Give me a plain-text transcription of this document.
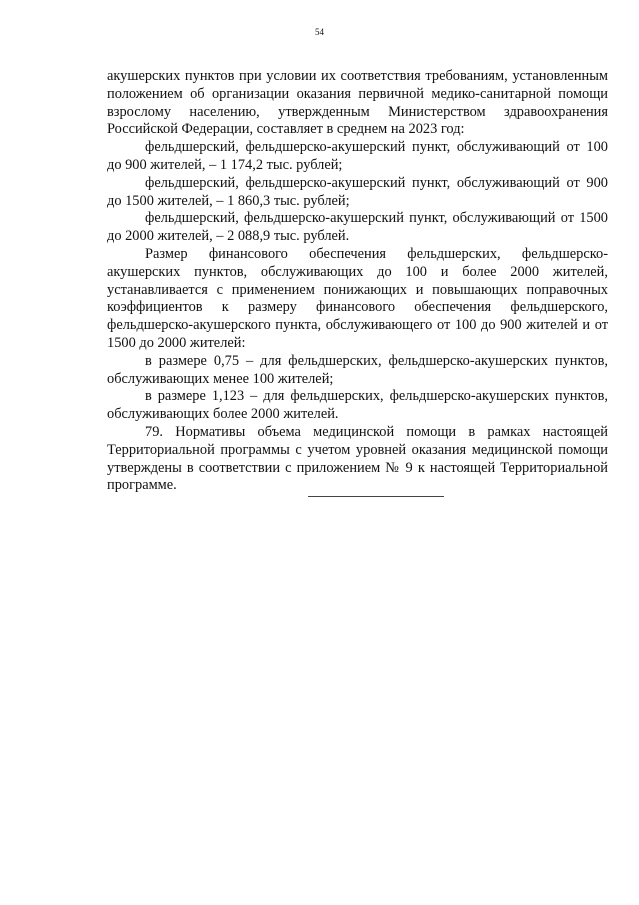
54

акушерских пунктов при условии их соответствия требованиям, установленным положением об организации оказания первичной медико-санитарной помощи взрослому населению, утвержденным Министерством здравоохранения Российской Федерации, составляет в среднем на 2023 год:

фельдшерский, фельдшерско-акушерский пункт, обслуживающий от 100 до 900 жителей, – 1 174,2 тыс. рублей;

фельдшерский, фельдшерско-акушерский пункт, обслуживающий от 900 до 1500 жителей, – 1 860,3 тыс. рублей;

фельдшерский, фельдшерско-акушерский пункт, обслуживающий от 1500 до 2000 жителей, – 2 088,9 тыс. рублей.

Размер финансового обеспечения фельдшерских, фельдшерско-акушерских пунктов, обслуживающих до 100 и более 2000 жителей, устанавливается с применением понижающих и повышающих поправочных коэффициентов к размеру финансового обеспечения фельдшерского, фельдшерско-акушерского пункта, обслуживающего от 100 до 900 жителей и от 1500 до 2000 жителей:

в размере 0,75 – для фельдшерских, фельдшерско-акушерских пунктов, обслуживающих менее 100 жителей;

в размере 1,123 – для фельдшерских, фельдшерско-акушерских пунктов, обслуживающих более 2000 жителей.

79. Нормативы объема медицинской помощи в рамках настоящей Территориальной программы с учетом уровней оказания медицинской помощи утверждены в соответствии с приложением № 9 к настоящей Территориальной программе.
